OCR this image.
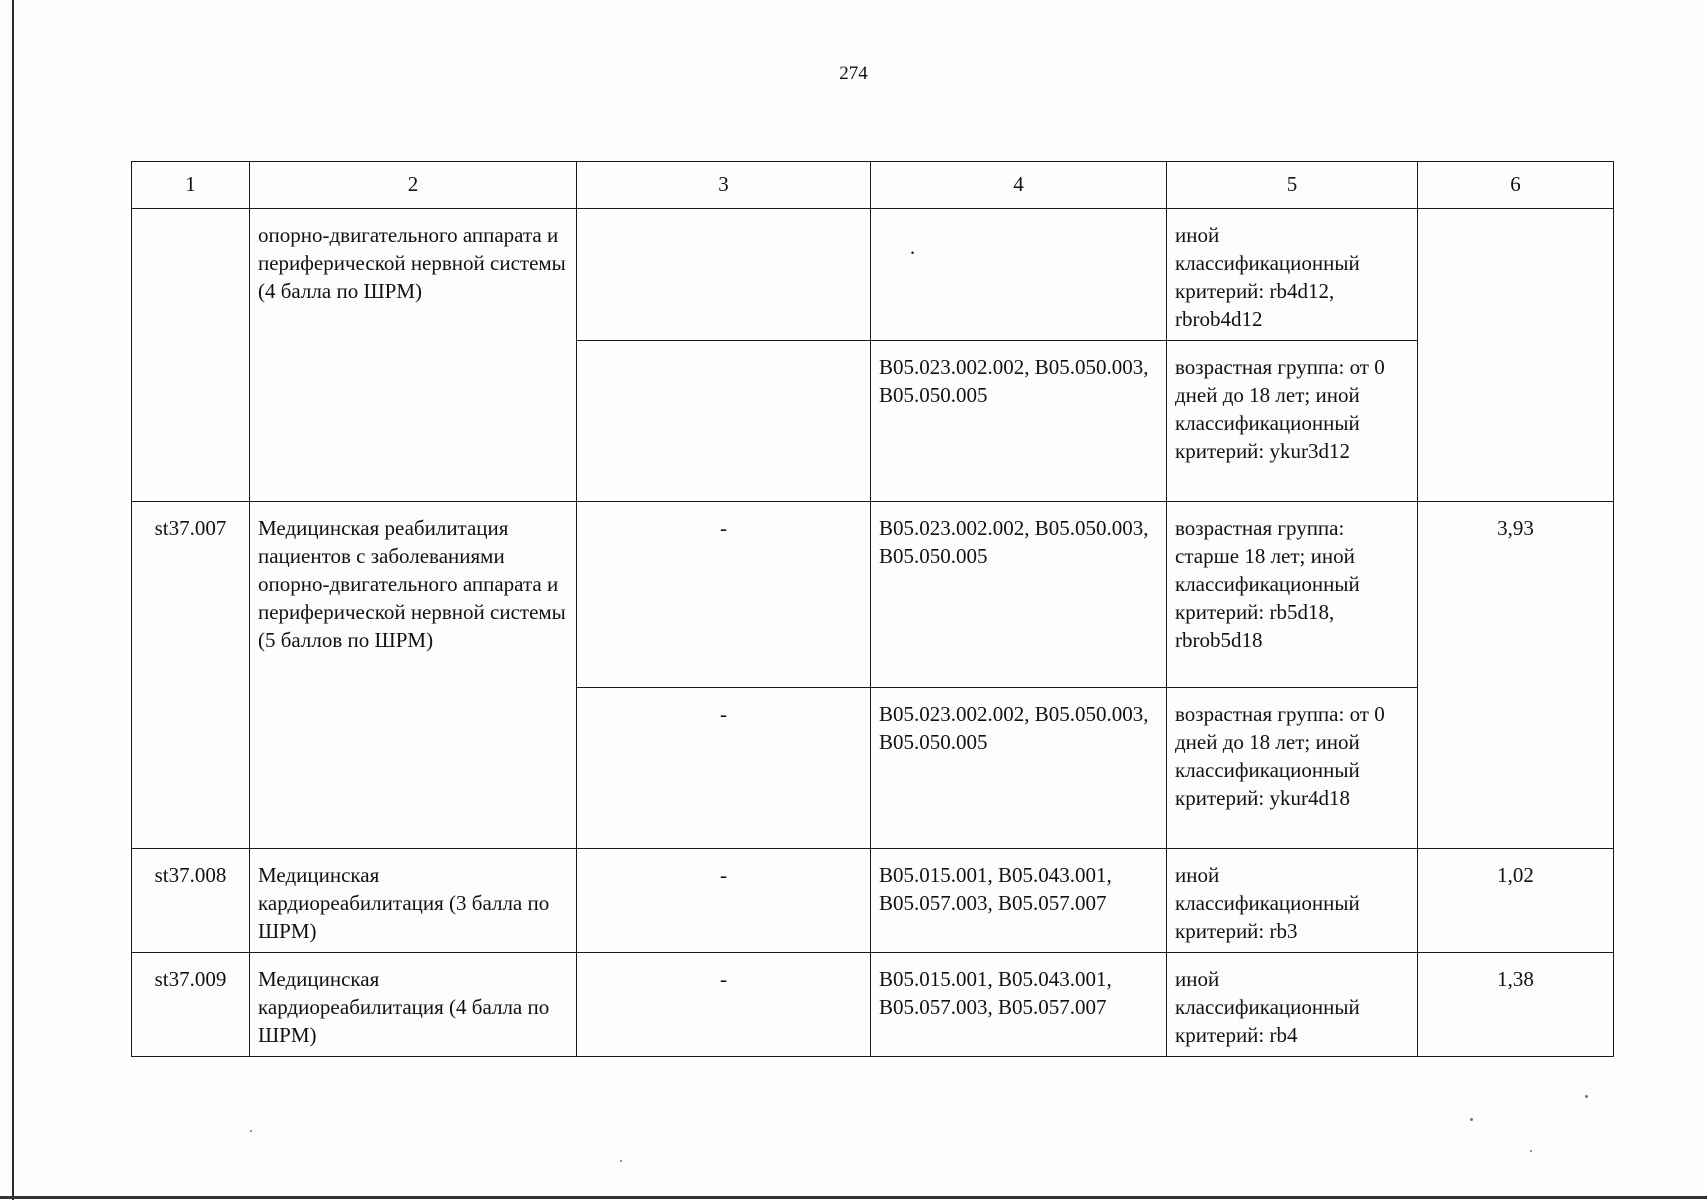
274
1	2	3	4	5	6
	опорно-двигательного аппарата и периферической нервной системы (4 балла по ШРМ)		·	иной классификационный критерий: rb4d12, rbrob4d12	
			B05.023.002.002, B05.050.003, B05.050.005	возрастная группа: от 0 дней до 18 лет; иной классификационный критерий: ykur3d12	
st37.007	Медицинская реабилитация пациентов с заболеваниями опорно-двигательного аппарата и периферической нервной системы (5 баллов по ШРМ)	-	B05.023.002.002, B05.050.003, B05.050.005	возрастная группа: старше 18 лет; иной классификационный критерий: rb5d18, rbrob5d18	3,93
		-	B05.023.002.002, B05.050.003, B05.050.005	возрастная группа: от 0 дней до 18 лет; иной классификационный критерий: ykur4d18	
st37.008	Медицинская кардиореабилитация (3 балла по ШРМ)	-	B05.015.001, B05.043.001, B05.057.003, B05.057.007	иной классификационный критерий: rb3	1,02
st37.009	Медицинская кардиореабилитация (4 балла по ШРМ)	-	B05.015.001, B05.043.001, B05.057.003, B05.057.007	иной классификационный критерий: rb4	1,38
